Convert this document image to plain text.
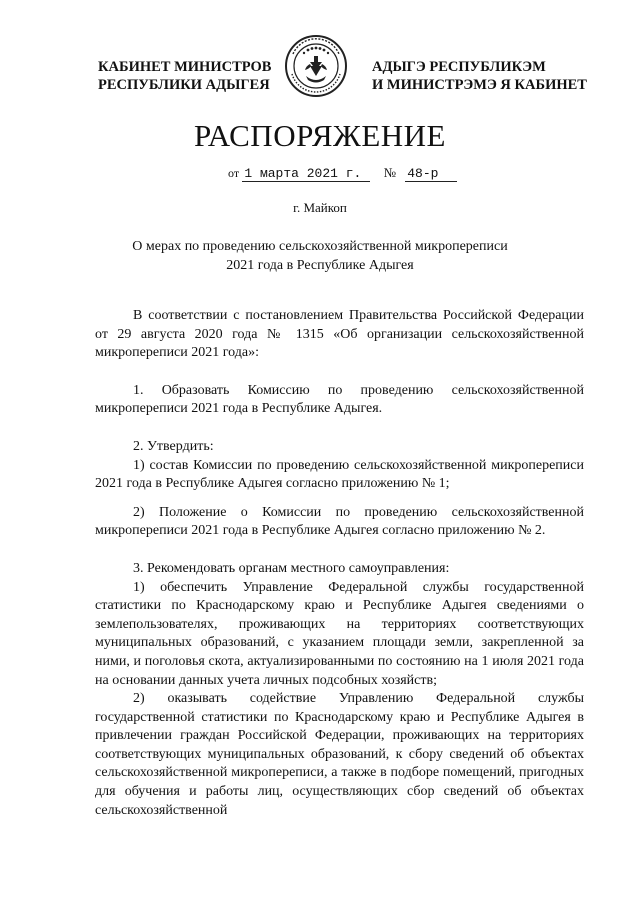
КАБИНЕТ МИНИСТРОВ
РЕСПУБЛИКИ АДЫГЕЯ
АДЫГЭ РЕСПУБЛИКЭМ
И МИНИСТРЭМЭ Я КАБИНЕТ
РАСПОРЯЖЕНИЕ
от 1 марта 2021 г. № 48-р
г. Майкоп
О мерах по проведению сельскохозяйственной микропереписи
2021 года в Республике Адыгея

В соответствии с постановлением Правительства Российской Федерации от 29 августа 2020 года № 1315 «Об организации сельскохозяйственной микропереписи 2021 года»:

1. Образовать Комиссию по проведению сельскохозяйственной микропереписи 2021 года в Республике Адыгея.

2. Утвердить:

1) состав Комиссии по проведению сельскохозяйственной микропереписи 2021 года в Республике Адыгея согласно приложению № 1;

2) Положение о Комиссии по проведению сельскохозяйственной микропереписи 2021 года в Республике Адыгея согласно приложению № 2.

3. Рекомендовать органам местного самоуправления:

1) обеспечить Управление Федеральной службы государственной статистики по Краснодарскому краю и Республике Адыгея сведениями о землепользователях, проживающих на территориях соответствующих муниципальных образований, с указанием площади земли, закрепленной за ними, и поголовья скота, актуализированными по состоянию на 1 июля 2021 года на основании данных учета личных подсобных хозяйств;

2) оказывать содействие Управлению Федеральной службы государственной статистики по Краснодарскому краю и Республике Адыгея в привлечении граждан Российской Федерации, проживающих на территориях соответствующих муниципальных образований, к сбору сведений об объектах сельскохозяйственной микропереписи, а также в подборе помещений, пригодных для обучения и работы лиц, осуществляющих сбор сведений об объектах сельскохозяйственной
